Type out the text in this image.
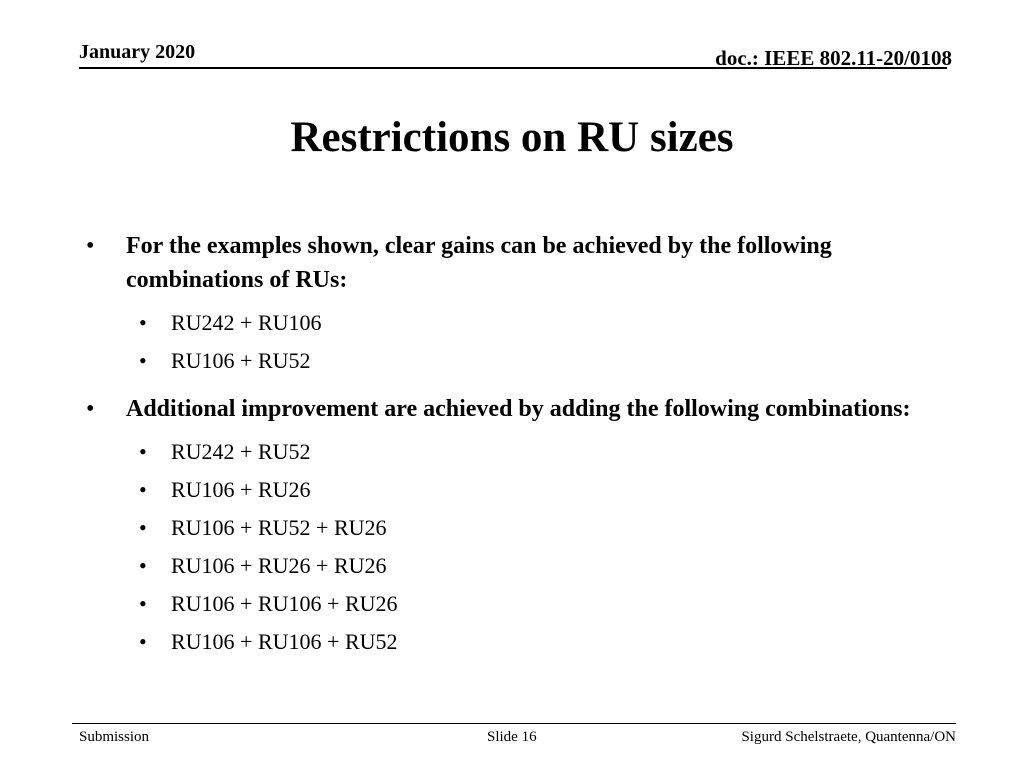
January 2020	doc.: IEEE 802.11-20/0108
Restrictions on RU sizes
• For the examples shown, clear gains can be achieved by the following combinations of RUs:
• RU242 + RU106
• RU106 + RU52
• Additional improvement are achieved by adding the following combinations:
• RU242 + RU52
• RU106 + RU26
• RU106 + RU52 + RU26
• RU106 + RU26 + RU26
• RU106 + RU106 + RU26
• RU106 + RU106 + RU52
Submission	Slide 16	Sigurd Schelstraete, Quantenna/ON
